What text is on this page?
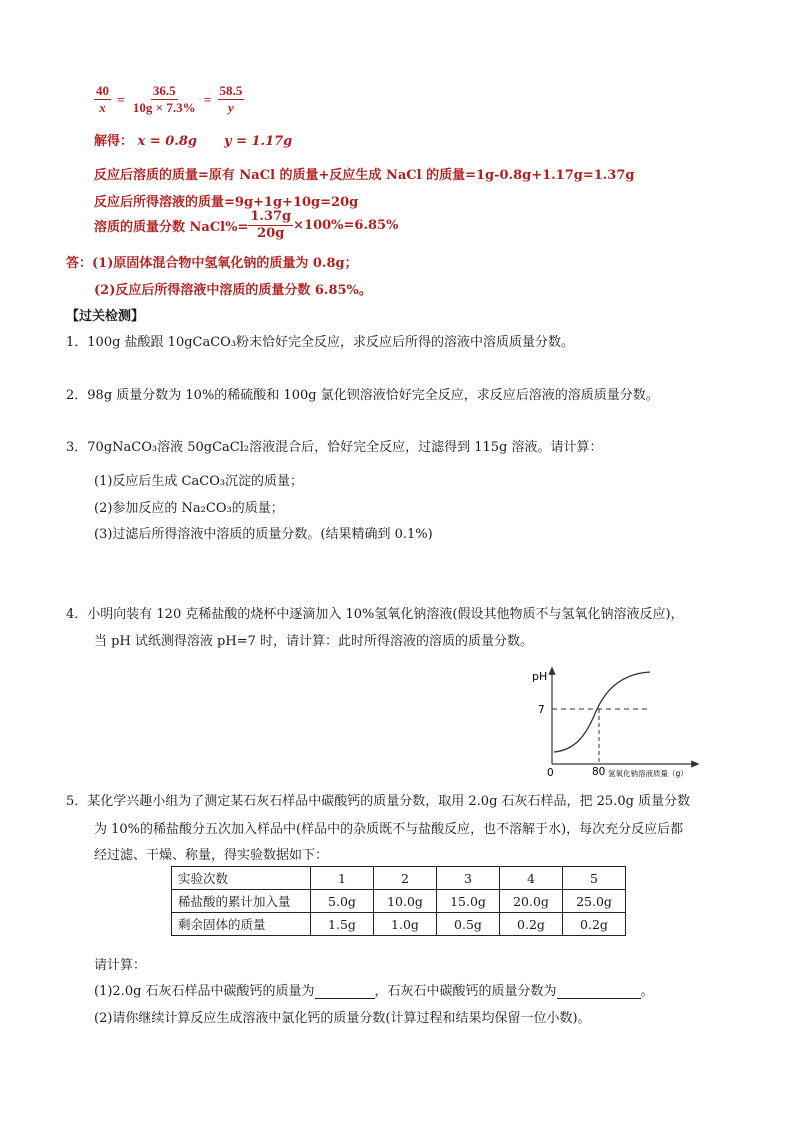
$\frac{40}{x} = \frac{36.5}{10g \times 7.3\%} = \frac{58.5}{y}$
解得： x = 0.8g y = 1.17g
反应后溶质的质量=原有 NaCl 的质量+反应生成 NaCl 的质量=1g-0.8g+1.17g=1.37g
反应后所得溶液的质量=9g+1g+10g=20g
溶质的质量分数 NaCl%= $\frac{1.37g}{20g} \times 100\%=6.85\%$
答：(1)原固体混合物中氢氧化钠的质量为 0.8g；
(2)反应后所得溶液中溶质的质量分数 6.85%。
【过关检测】
1．100g 盐酸跟 10gCaCO₃粉末恰好完全反应，求反应后所得的溶液中溶质质量分数。
2．98g 质量分数为 10%的稀硫酸和 100g 氯化钡溶液恰好完全反应，求反应后溶液的溶质质量分数。
3．70gNaCO₃溶液 50gCaCl₂溶液混合后，恰好完全反应，过滤得到 115g 溶液。请计算：
(1)反应后生成 CaCO₃沉淀的质量；
(2)参加反应的 Na₂CO₃的质量；
(3)过滤后所得溶液中溶质的质量分数。(结果精确到 0.1%)
4．小明向装有 120 克稀盐酸的烧杯中逐滴加入 10%氢氧化钠溶液(假设其他物质不与氢氧化钠溶液反应)，
当 pH 试纸测得溶液 pH=7 时，请计算：此时所得溶液的溶质的质量分数。
pH
7
0	80 氢氧化钠溶液质量（g）
5．某化学兴趣小组为了测定某石灰石样品中碳酸钙的质量分数，取用 2.0g 石灰石样品，把 25.0g 质量分数
为 10%的稀盐酸分五次加入样品中(样品中的杂质既不与盐酸反应，也不溶解于水)，每次充分反应后都
经过滤、干燥、称量，得实验数据如下：
实验次数	1	2	3	4	5
稀盐酸的累计加入量	5.0g	10.0g	15.0g	20.0g	25.0g
剩余固体的质量	1.5g	1.0g	0.5g	0.2g	0.2g
请计算：
(1)2.0g 石灰石样品中碳酸钙的质量为	，石灰石中碳酸钙的质量分数为	。
(2)请你继续计算反应生成溶液中氯化钙的质量分数(计算过程和结果均保留一位小数)。
